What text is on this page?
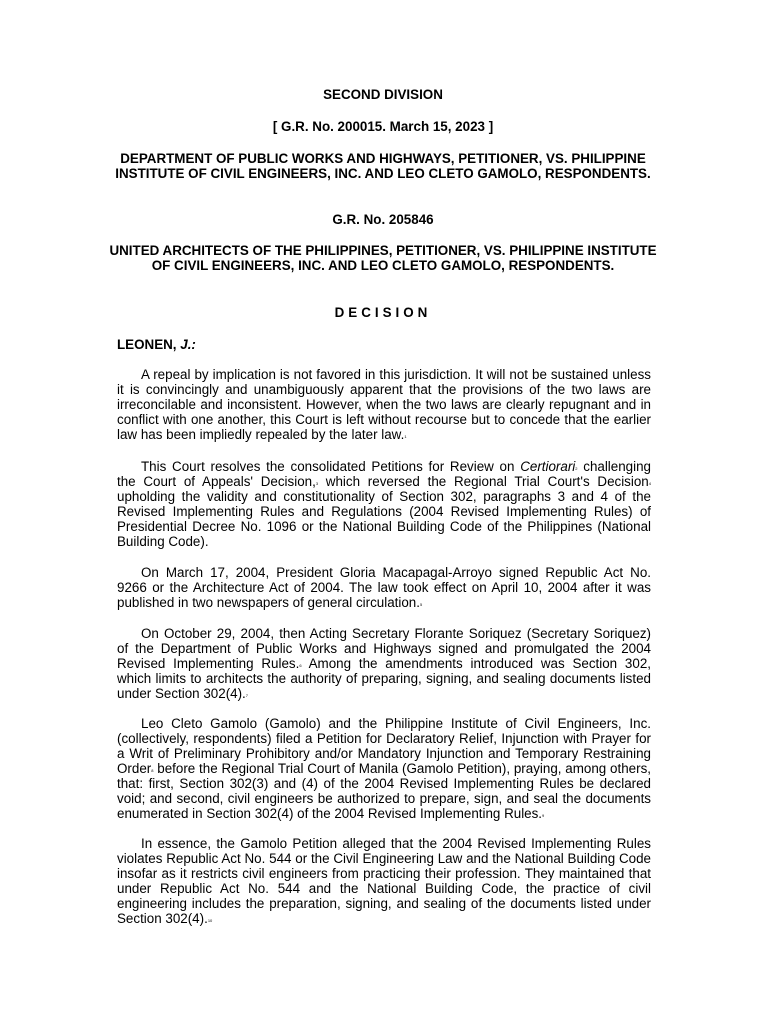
SECOND DIVISION
[ G.R. No. 200015. March 15, 2023 ]
DEPARTMENT OF PUBLIC WORKS AND HIGHWAYS, PETITIONER, VS. PHILIPPINE INSTITUTE OF CIVIL ENGINEERS, INC. AND LEO CLETO GAMOLO, RESPONDENTS.
G.R. No. 205846
UNITED ARCHITECTS OF THE PHILIPPINES, PETITIONER, VS. PHILIPPINE INSTITUTE OF CIVIL ENGINEERS, INC. AND LEO CLETO GAMOLO, RESPONDENTS.
DECISION
LEONEN, J.:

A repeal by implication is not favored in this jurisdiction. It will not be sustained unless it is convincingly and unambiguously apparent that the provisions of the two laws are irreconcilable and inconsistent. However, when the two laws are clearly repugnant and in conflict with one another, this Court is left without recourse but to concede that the earlier law has been impliedly repealed by the later law.$^1$

This Court resolves the consolidated Petitions for Review on Certiorari$^2$ challenging the Court of Appeals' Decision,$^3$ which reversed the Regional Trial Court's Decision$^4$ upholding the validity and constitutionality of Section 302, paragraphs 3 and 4 of the Revised Implementing Rules and Regulations (2004 Revised Implementing Rules) of Presidential Decree No. 1096 or the National Building Code of the Philippines (National Building Code).

On March 17, 2004, President Gloria Macapagal-Arroyo signed Republic Act No. 9266 or the Architecture Act of 2004. The law took effect on April 10, 2004 after it was published in two newspapers of general circulation.$^5$

On October 29, 2004, then Acting Secretary Florante Soriquez (Secretary Soriquez) of the Department of Public Works and Highways signed and promulgated the 2004 Revised Implementing Rules.$^6$ Among the amendments introduced was Section 302, which limits to architects the authority of preparing, signing, and sealing documents listed under Section 302(4).$^7$

Leo Cleto Gamolo (Gamolo) and the Philippine Institute of Civil Engineers, Inc. (collectively, respondents) filed a Petition for Declaratory Relief, Injunction with Prayer for a Writ of Preliminary Prohibitory and/or Mandatory Injunction and Temporary Restraining Order$^8$ before the Regional Trial Court of Manila (Gamolo Petition), praying, among others, that: first, Section 302(3) and (4) of the 2004 Revised Implementing Rules be declared void; and second, civil engineers be authorized to prepare, sign, and seal the documents enumerated in Section 302(4) of the 2004 Revised Implementing Rules.$^9$

In essence, the Gamolo Petition alleged that the 2004 Revised Implementing Rules violates Republic Act No. 544 or the Civil Engineering Law and the National Building Code insofar as it restricts civil engineers from practicing their profession. They maintained that under Republic Act No. 544 and the National Building Code, the practice of civil engineering includes the preparation, signing, and sealing of the documents listed under Section 302(4).$^{10}$
